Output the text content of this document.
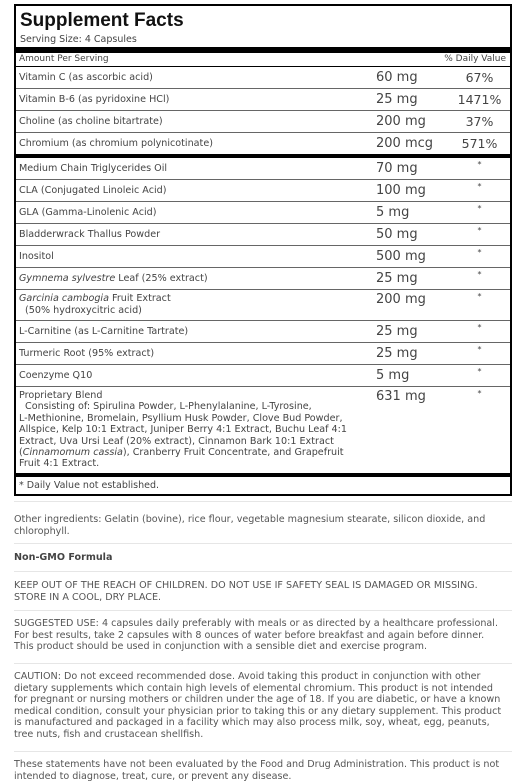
Supplement Facts
Serving Size: 4 Capsules
Amount Per Serving	% Daily Value
Vitamin C (as ascorbic acid)	60 mg	67%
Vitamin B-6 (as pyridoxine HCl)	25 mg	1471%
Choline (as choline bitartrate)	200 mg	37%
Chromium (as chromium polynicotinate)	200 mcg	571%
Medium Chain Triglycerides Oil	70 mg	*
CLA (Conjugated Linoleic Acid)	100 mg	*
GLA (Gamma-Linolenic Acid)	5 mg	*
Bladderwrack Thallus Powder	50 mg	*
Inositol	500 mg	*
Gymnema sylvestre Leaf (25% extract)	25 mg	*
Garcinia cambogia Fruit Extract
(50% hydroxycitric acid)
200 mg	*
L-Carnitine (as L-Carnitine Tartrate)	25 mg	*
Turmeric Root (95% extract)	25 mg	*
Coenzyme Q10	5 mg	*
Proprietary Blend
Consisting of: Spirulina Powder, L-Phenylalanine, L-Tyrosine,
L-Methionine, Bromelain, Psyllium Husk Powder, Clove Bud Powder,
Allspice, Kelp 10:1 Extract, Juniper Berry 4:1 Extract, Buchu Leaf 4:1
Extract, Uva Ursi Leaf (20% extract), Cinnamon Bark 10:1 Extract
(Cinnamomum cassia), Cranberry Fruit Concentrate, and Grapefruit
Fruit 4:1 Extract.
631 mg	*
* Daily Value not established.
Other ingredients: Gelatin (bovine), rice flour, vegetable magnesium stearate, silicon dioxide, and
chlorophyll.
Non-GMO Formula
KEEP OUT OF THE REACH OF CHILDREN. DO NOT USE IF SAFETY SEAL IS DAMAGED OR MISSING.
STORE IN A COOL, DRY PLACE.
SUGGESTED USE: 4 capsules daily preferably with meals or as directed by a healthcare professional.
For best results, take 2 capsules with 8 ounces of water before breakfast and again before dinner.
This product should be used in conjunction with a sensible diet and exercise program.
CAUTION: Do not exceed recommended dose. Avoid taking this product in conjunction with other
dietary supplements which contain high levels of elemental chromium. This product is not intended
for pregnant or nursing mothers or children under the age of 18. If you are diabetic, or have a known
medical condition, consult your physician prior to taking this or any dietary supplement. This product
is manufactured and packaged in a facility which may also process milk, soy, wheat, egg, peanuts,
tree nuts, fish and crustacean shellfish.
These statements have not been evaluated by the Food and Drug Administration. This product is not
intended to diagnose, treat, cure, or prevent any disease.
